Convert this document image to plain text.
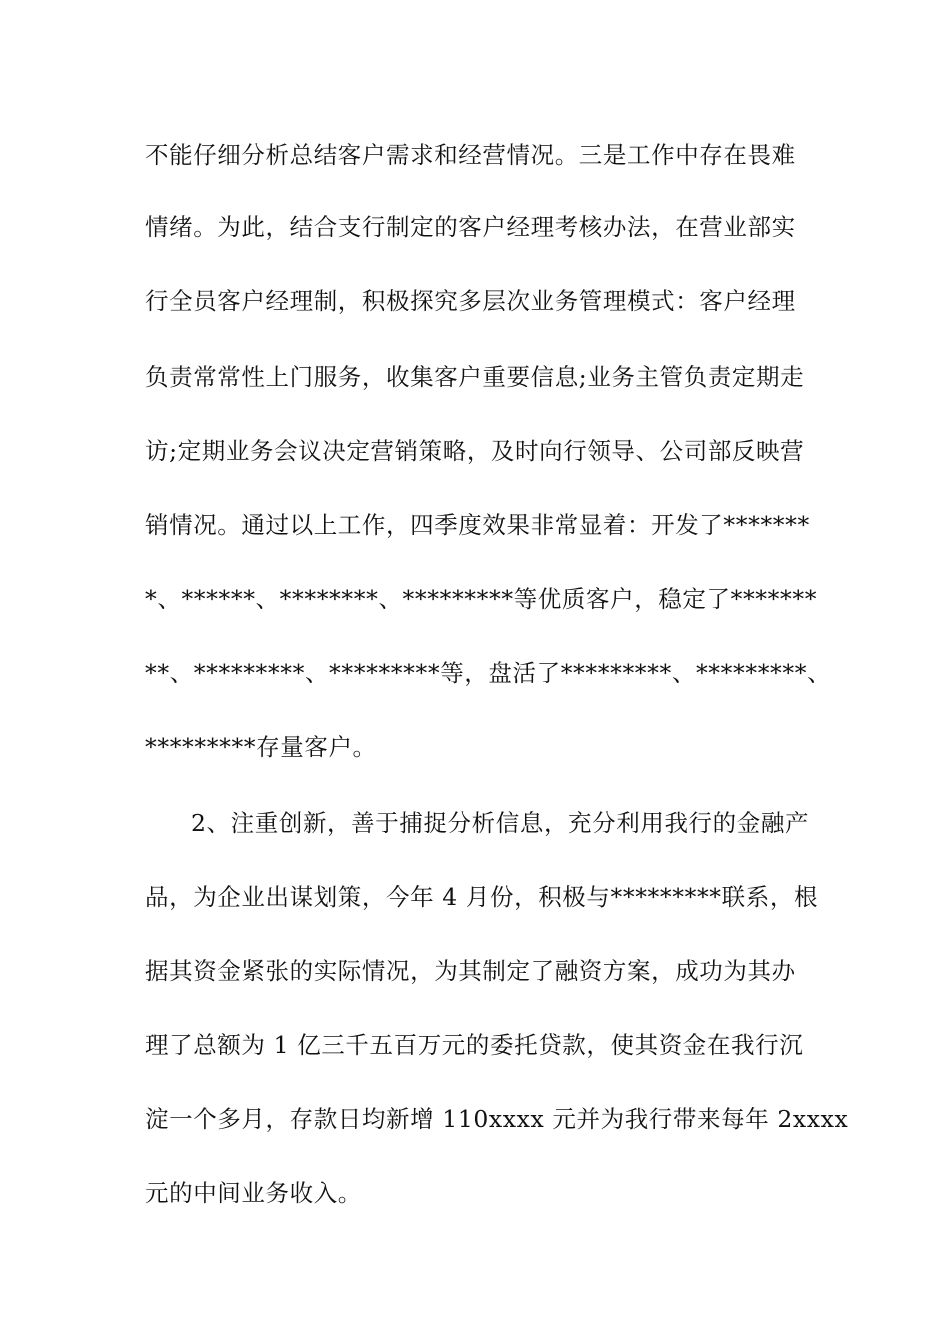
不能仔细分析总结客户需求和经营情况。三是工作中存在畏难
情绪。为此，结合支行制定的客户经理考核办法，在营业部实
行全员客户经理制，积极探究多层次业务管理模式：客户经理
负责常常性上门服务，收集客户重要信息;业务主管负责定期走
访;定期业务会议决定营销策略，及时向行领导、公司部反映营
销情况。通过以上工作，四季度效果非常显着：开发了*******
*、******、********、*********等优质客户，稳定了*******
**、*********、*********等，盘活了*********、*********、
*********存量客户。
2、注重创新，善于捕捉分析信息，充分利用我行的金融产
品，为企业出谋划策，今年 4 月份，积极与*********联系，根
据其资金紧张的实际情况，为其制定了融资方案，成功为其办
理了总额为 1 亿三千五百万元的委托贷款，使其资金在我行沉
淀一个多月，存款日均新增 110xxxx 元并为我行带来每年 2xxxx
元的中间业务收入。
